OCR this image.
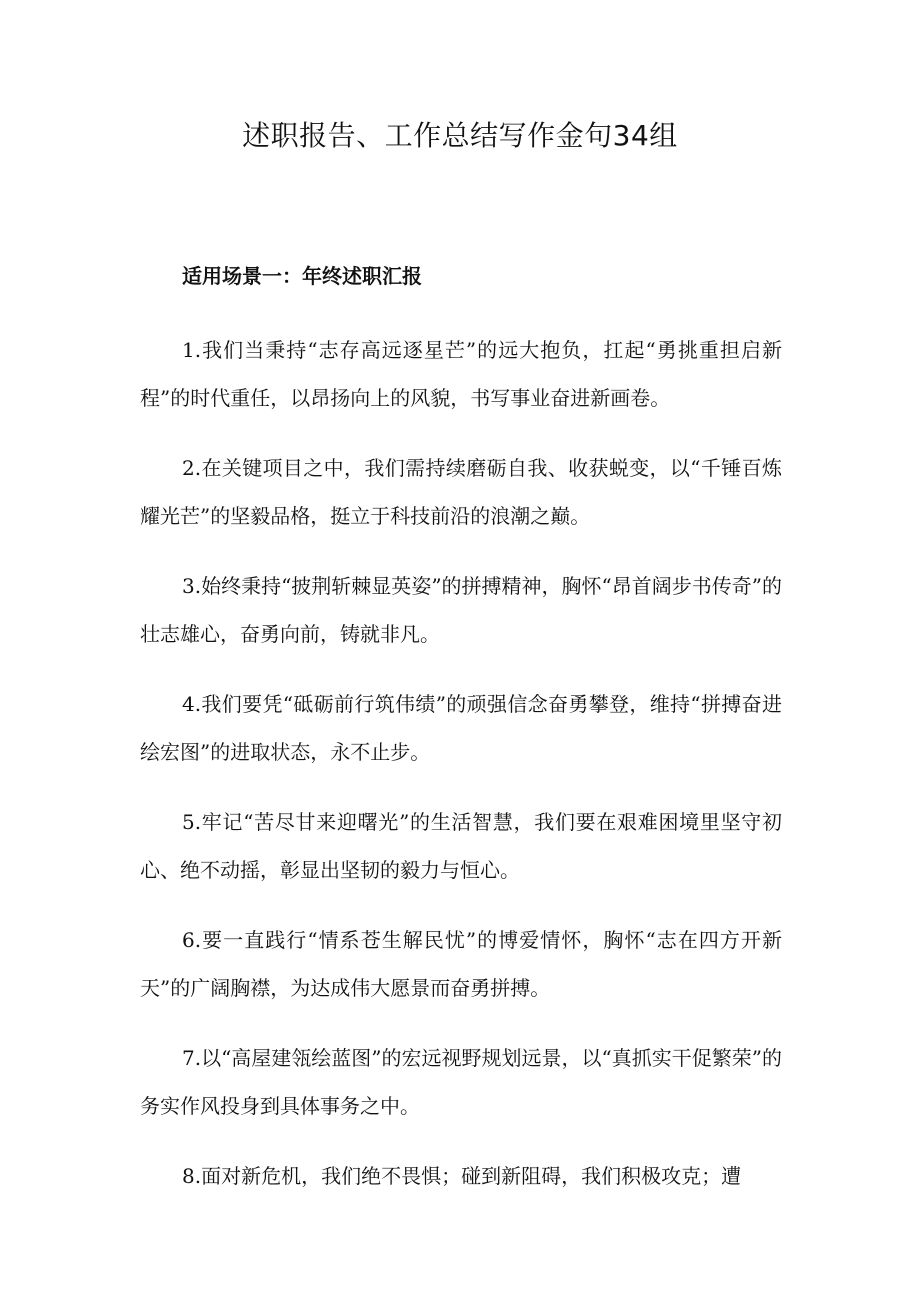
述职报告、工作总结写作金句34组
适用场景一：年终述职汇报

1.我们当秉持“志存高远逐星芒”的远大抱负，扛起“勇挑重担启新程”的时代重任，以昂扬向上的风貌，书写事业奋进新画卷。

2.在关键项目之中，我们需持续磨砺自我、收获蜕变，以“千锤百炼耀光芒”的坚毅品格，挺立于科技前沿的浪潮之巅。

3.始终秉持“披荆斩棘显英姿”的拼搏精神，胸怀“昂首阔步书传奇”的壮志雄心，奋勇向前，铸就非凡。

4.我们要凭“砥砺前行筑伟绩”的顽强信念奋勇攀登，维持“拼搏奋进绘宏图”的进取状态，永不止步。

5.牢记“苦尽甘来迎曙光”的生活智慧，我们要在艰难困境里坚守初心、绝不动摇，彰显出坚韧的毅力与恒心。

6.要一直践行“情系苍生解民忧”的博爱情怀，胸怀“志在四方开新天”的广阔胸襟，为达成伟大愿景而奋勇拼搏。

7.以“高屋建瓴绘蓝图”的宏远视野规划远景，以“真抓实干促繁荣”的务实作风投身到具体事务之中。

8.面对新危机，我们绝不畏惧；碰到新阻碍，我们积极攻克；遭
